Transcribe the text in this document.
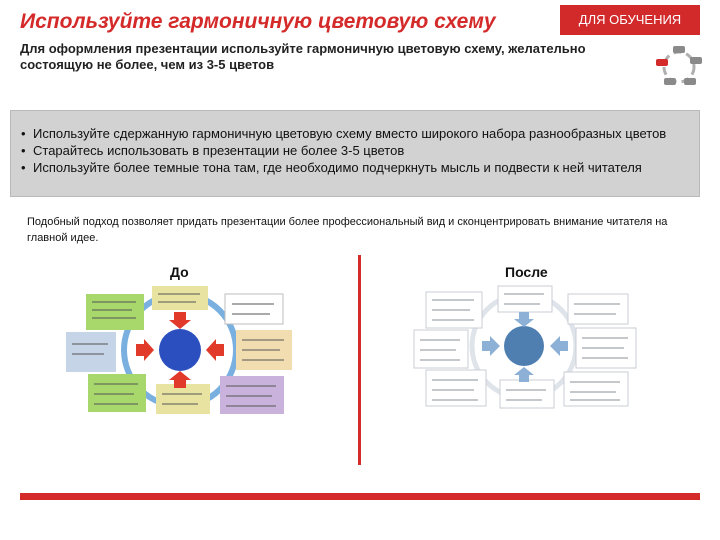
Используйте гармоничную цветовую схему	ДЛЯ ОБУЧЕНИЯ
Для оформления презентации используйте гармоничную цветовую схему, желательно состоящую не более, чем из 3-5 цветов
• Используйте сдержанную гармоничную цветовую схему вместо широкого набора разнообразных цветов
• Старайтесь использовать в презентации не более 3-5 цветов
• Используйте более темные тона там, где необходимо подчеркнуть мысль и подвести к ней читателя
Подобный подход позволяет придать презентации более профессиональный вид и сконцентрировать внимание читателя на главной идее.
До	После
